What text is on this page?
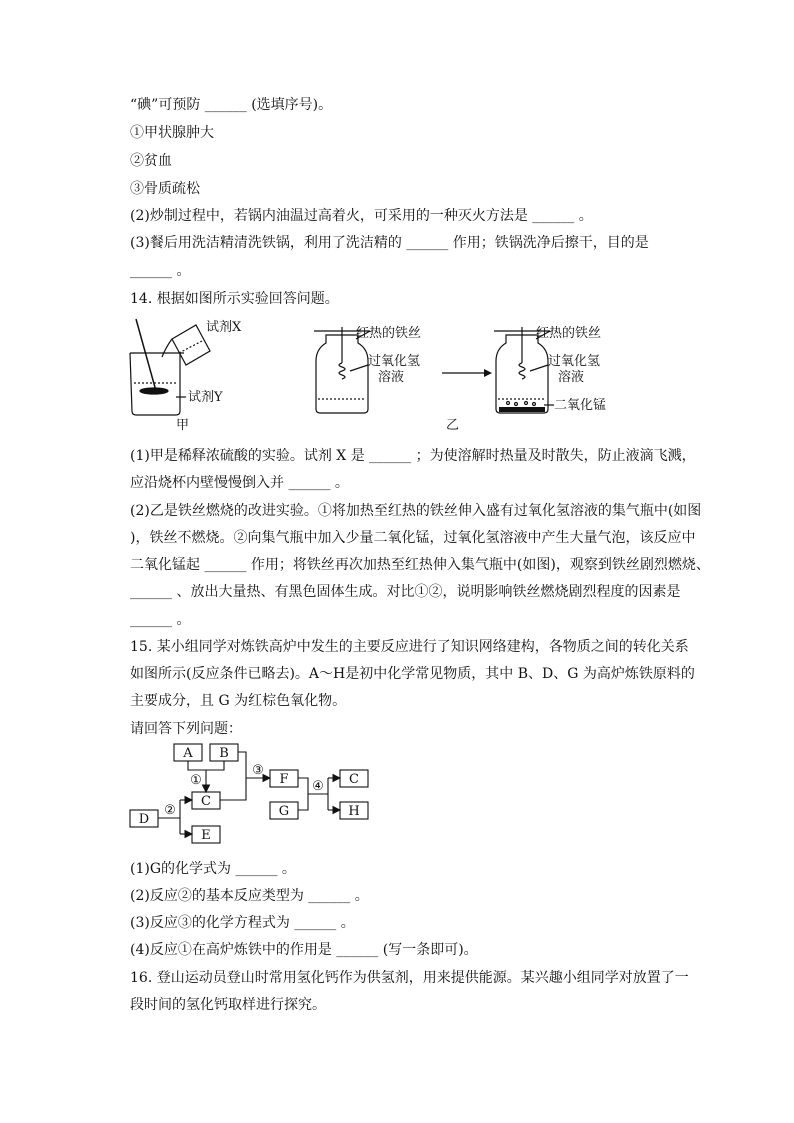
“碘”可预防 ______ (选填序号)。
①甲状腺肿大
②贫血
③骨质疏松
(2)炒制过程中，若锅内油温过高着火，可采用的一种灭火方法是 ______ 。
(3)餐后用洗洁精清洗铁锅，利用了洗洁精的 ______ 作用；铁锅洗净后擦干，目的是
______ 。
14. 根据如图所示实验回答问题。
试剂X
试剂Y
甲
红热的铁丝
过氧化氢
溶液
红热的铁丝
过氧化氢
溶液
二氧化锰
乙
(1)甲是稀释浓硫酸的实验。试剂 X 是 ______ ；为使溶解时热量及时散失，防止液滴飞溅，
应沿烧杯内壁慢慢倒入并 ______ 。
(2)乙是铁丝燃烧的改进实验。①将加热至红热的铁丝伸入盛有过氧化氢溶液的集气瓶中(如图
)，铁丝不燃烧。②向集气瓶中加入少量二氧化锰，过氧化氢溶液中产生大量气泡，该反应中
二氧化锰起 ______ 作用；将铁丝再次加热至红热伸入集气瓶中(如图)，观察到铁丝剧烈燃烧、
______ 、放出大量热、有黑色固体生成。对比①②，说明影响铁丝燃烧剧烈程度的因素是
______ 。
15. 某小组同学对炼铁高炉中发生的主要反应进行了知识网络建构，各物质之间的转化关系
如图所示(反应条件已略去)。A～H是初中化学常见物质，其中 B、D、G 为高炉炼铁原料的
主要成分，且 G 为红棕色氧化物。
请回答下列问题：
A B
C
D
E
F
G
C
H
①
②
③
④
(1)G的化学式为 ______ 。
(2)反应②的基本反应类型为 ______ 。
(3)反应③的化学方程式为 ______ 。
(4)反应①在高炉炼铁中的作用是 ______ (写一条即可)。
16. 登山运动员登山时常用氢化钙作为供氢剂，用来提供能源。某兴趣小组同学对放置了一
段时间的氢化钙取样进行探究。
